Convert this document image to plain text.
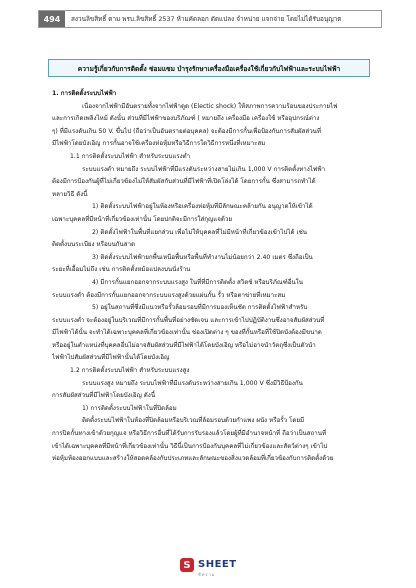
494	สงวนลิขสิทธิ์ ตาม พรบ.ลิขสิทธิ์ 2537 ห้ามคัดลอก ดัดแปลง จำหน่าย แจกจ่าย โดยไม่ได้รับอนุญาต
ความรู้เกี่ยวกับการติดตั้ง ซ่อมแซม บำรุงรักษาเครื่องมือเครื่องใช้เกี่ยวกับไฟฟ้าและระบบไฟฟ้า

1. การติดตั้งระบบไฟฟ้า

เนื่องจากไฟฟ้ามีอันตรายทั้งจากไฟฟ้าดูด (Electic shock) ให้สภาพการความร้อนของประกายไฟ

และการเกิดเพลิงไหม้ ดังนั้น ส่วนที่มีไฟฟ้าของบริภัณฑ์ ( หมายถึง เครื่องมือ เครื่องใช้ หรืออุปกรณ์ต่าง

ๆ) ที่มีแรงดันเกิน 50 V. ขึ้นไป (ถือว่าเป็นอันตรายต่อบุคคล) จะต้องมีการกั้นเพื่อป้องกันการสัมผัสส่วนที่

มีไฟฟ้าโดยบังเอิญ การกั้นอาจใช้เครื่องห่อหุ้มหรือวิธีการใดวิธีการหนึ่งที่เหมาะสม

1.1 การติดตั้งระบบไฟฟ้า สำหรับระบบแรงต่ำ

ระบบแรงต่ำ หมายถึง ระบบไฟฟ้าที่มีแรงดันระหว่างสายไม่เกิน 1,000 V การติดตั้งทางไฟฟ้า

ต้องมีการป้องกันผู้ที่ไม่เกี่ยวข้องไม่ให้สัมผัสกับส่วนที่มีไฟฟ้าที่เปิดโล่งได้ โดยการกั้น ซึ่งสามารถทำได้

หลายวิธี ดังนี้

1) ติดตั้งระบบไฟฟ้าอยู่ในห้องหรือเครื่องห่อหุ้มที่มีลักษณะคล้ายกัน อนุญาตให้เข้าได้

เฉพาะบุคคลที่มีหน้าที่เกี่ยวข้องเท่านั้น โดยปกติจะมีการใส่กุญแจด้วย

2) ติดตั้งไฟฟ้าในพื้นที่แยกส่วน เพื่อไม่ให้บุคคลที่ไม่มีหน้าที่เกี่ยวข้องเข้าไปได้ เช่น

ติดตั้งบนระเบียง หรือบนกันสาด

3) ติดตั้งระบบไฟฟ้ายกพื้นเหนือพื้นหรือพื้นที่ทำงานไม่น้อยกว่า 2.40 เมตร ซึ่งถือเป็น

ระยะที่เอื้อมไม่ถึง เช่น การติดตั้งหม้อแปลงบนนั่งร้าน

4) มีการกั้นแยกออกจากระบบแรงสูง ในที่ที่มีการติดตั้ง สวิตช์ หรือบริภัณฑ์อื่นใน

ระบบแรงต่ำ ต้องมีการกั้นแยกออกจากระบบแรงสูงด้วยแผ่นกั้น รั้ว หรือตาข่ายที่เหมาะสม

5) อยู่ในสถานที่ซึ่งมีแนวหรือรั้วล้อมรอบที่มีการมองเห็นชัด การติดตั้งไฟฟ้าสำหรับ

ระบบแรงต่ำ จะต้องอยู่ในบริเวณที่มีการกั้นพื้นที่อย่างชัดเจน และการเข้าไปปฏิบัติงานซึ่งอาจสัมผัสส่วนที่

มีไฟฟ้าได้นั้น จะทำได้เฉพาะบุคคลที่เกี่ยวข้องเท่านั้น ช่องเปิดต่าง ๆ ของที่กั้นหรือที่ใช้ปิดบังต้องมีขนาด

หรืออยู่ในตำแหน่งที่บุคคลอื่นไม่อาจสัมผัสส่วนที่มีไฟฟ้าได้โดยบังเอิญ หรือไม่อาจนำวัตถุซึ่งเป็นตัวนำ

ไฟฟ้าไปสัมผัสส่วนที่มีไฟฟ้านั้นได้โดยบังเอิญ

1.2 การติดตั้งระบบไฟฟ้า สำหรับระบบแรงสูง

ระบบแรงสูง หมายถึง ระบบไฟฟ้าที่มีแรงดันระหว่างสายเกิน 1,000 V ซึ่งมีวิธีป้องกัน

การสัมผัสส่วนที่มีไฟฟ้าโดยบังเอิญ ดังนี้

1) การติดตั้งระบบไฟฟ้าในที่ปิดล้อม

ติดตั้งระบบไฟฟ้าในห้องที่ปิดล้อมหรือบริเวณที่ล้อมรอบด้วยกำแพง ผนัง หรือรั้ว โดยมี

การปิดกั้นทางเข้าด้วยกุญแจ หรือวิธีการอื่นที่ได้รับการรับรองแล้วโดยผู้ที่มีอำนาจหน้าที่ ถือว่าเป็นสถานที่

เข้าได้เฉพาะบุคคลที่มีหน้าที่เกี่ยวข้องเท่านั้น วิธีนี้เป็นการป้องกันบุคคลที่ไม่เกี่ยวข้องและสัตว์ต่างๆ เข้าไป

ห่อหุ้มท้องออกแบบและสร้างให้สอดคล้องกับประเภทและลักษณะของสิ่งแวดล้อมที่เกี่ยวข้องกับการติดตั้งด้วย

S SHEET
ชีทราม
